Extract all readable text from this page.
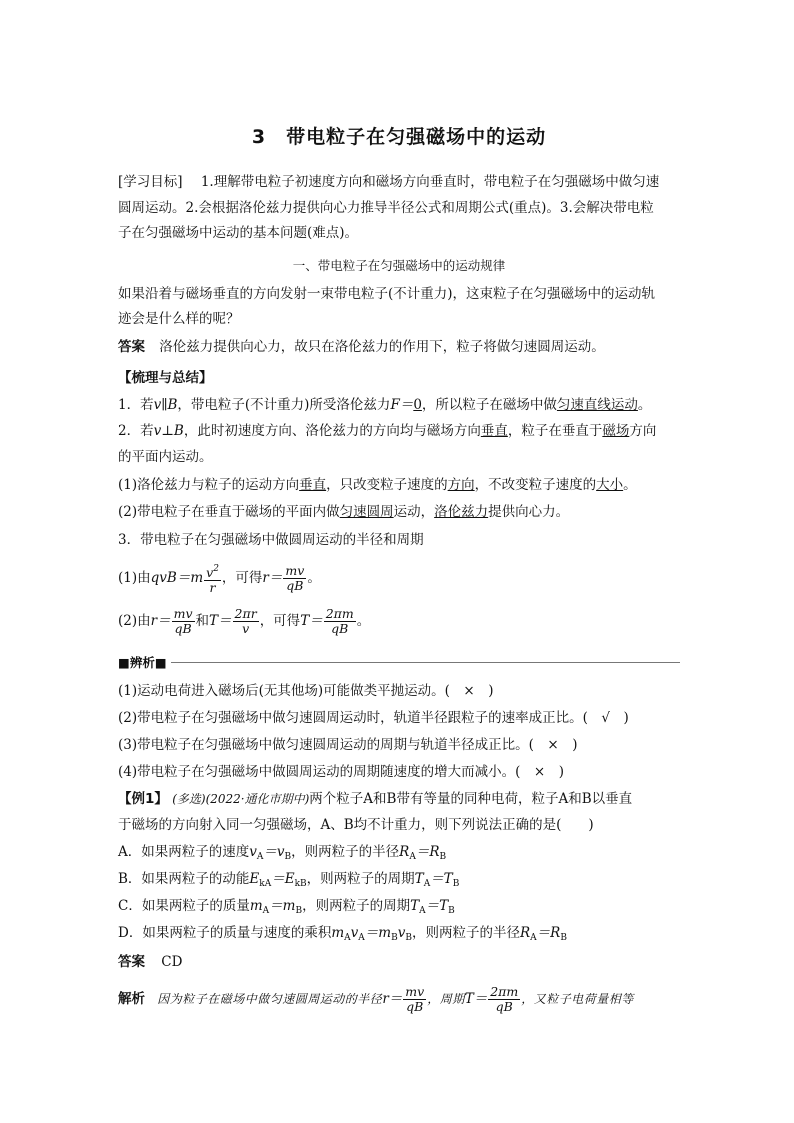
3　带电粒子在匀强磁场中的运动
[学习目标] 1.理解带电粒子初速度方向和磁场方向垂直时，带电粒子在匀强磁场中做匀速
圆周运动。2.会根据洛伦兹力提供向心力推导半径公式和周期公式(重点)。3.会解决带电粒
子在匀强磁场中运动的基本问题(难点)。
一、带电粒子在匀强磁场中的运动规律
如果沿着与磁场垂直的方向发射一束带电粒子(不计重力)，这束粒子在匀强磁场中的运动轨
迹会是什么样的呢？
答案 洛伦兹力提供向心力，故只在洛伦兹力的作用下，粒子将做匀速圆周运动。
【梳理与总结】
1．若v∥B，带电粒子(不计重力)所受洛伦兹力F＝0，所以粒子在磁场中做匀速直线运动。
2．若v⊥B，此时初速度方向、洛伦兹力的方向均与磁场方向垂直，粒子在垂直于磁场方向
的平面内运动。
(1)洛伦兹力与粒子的运动方向垂直，只改变粒子速度的方向，不改变粒子速度的大小。
(2)带电粒子在垂直于磁场的平面内做匀速圆周运动，洛伦兹力提供向心力。
3．带电粒子在匀强磁场中做圆周运动的半径和周期
(1)由$qvB=m \frac{v^2}{r}$ ，可得$r= \frac{mv}{qB}$ 。
(2)由$r= \frac{mv}{qB}$ 和$T= \frac{2\pi r}{v}$ ，可得$T= \frac{2\pi m}{qB}$ 。
■辨析■
(1)运动电荷进入磁场后(无其他场)可能做类平抛运动。(　×　)
(2)带电粒子在匀强磁场中做匀速圆周运动时，轨道半径跟粒子的速率成正比。(　√　)
(3)带电粒子在匀强磁场中做匀速圆周运动的周期与轨道半径成正比。(　×　)
(4)带电粒子在匀强磁场中做圆周运动的周期随速度的增大而减小。(　×　)
【例1】 (多选)(2022·通化市期中)两个粒子A和B带有等量的同种电荷，粒子A和B以垂直
于磁场的方向射入同一匀强磁场，A、B均不计重力，则下列说法正确的是(　　)
A．如果两粒子的速度$v_A=v_B$，则两粒子的半径$R_A=R_B$
B．如果两粒子的动能$E_{kA}=E_{kB}$，则两粒子的周期$T_A=T_B$
C．如果两粒子的质量$m_A=m_B$，则两粒子的周期$T_A=T_B$
D．如果两粒子的质量与速度的乘积$m_Av_A=m_Bv_B$，则两粒子的半径$R_A=R_B$
答案 CD
解析 因为粒子在磁场中做匀速圆周运动的半径$r= \frac{mv}{qB}$ ，周期$T= \frac{2\pi m}{qB}$ ，又粒子电荷量相等
